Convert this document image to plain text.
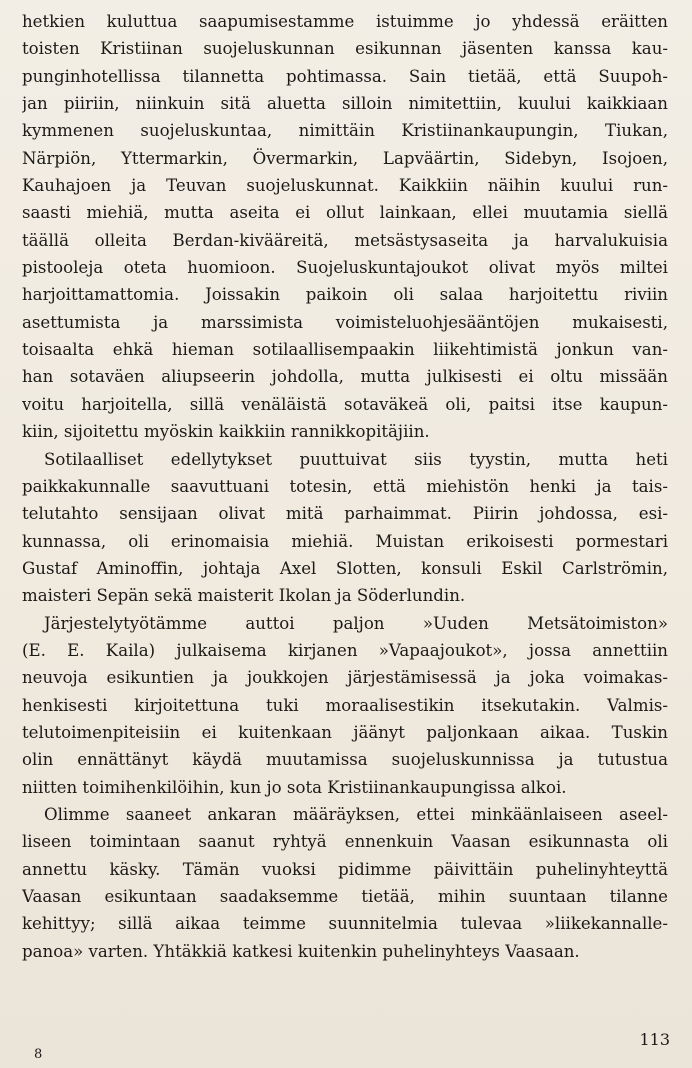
hetkien kuluttua saapumisestamme istuimme jo yhdessä eräitten
toisten Kristiinan suojeluskunnan esikunnan jäsenten kanssa kau-
punginhotellissa tilannetta pohtimassa. Sain tietää, että Suupoh-
jan piiriin, niinkuin sitä aluetta silloin nimitettiin, kuului kaikkiaan
kymmenen suojeluskuntaa, nimittäin Kristiinankaupungin, Tiukan,
Närpiön, Yttermarkin, Övermarkin, Lapväärtin, Sidebyn, Isojoen,
Kauhajoen ja Teuvan suojeluskunnat. Kaikkiin näihin kuului run-
saasti miehiä, mutta aseita ei ollut lainkaan, ellei muutamia siellä
täällä olleita Berdan-kivääreitä, metsästysaseita ja harvalukuisia
pistooleja oteta huomioon. Suojeluskuntajoukot olivat myös miltei
harjoittamattomia. Joissakin paikoin oli salaa harjoitettu riviin
asettumista ja marssimista voimisteluohjesääntöjen mukaisesti,
toisaalta ehkä hieman sotilaallisempaakin liikehtimistä jonkun van-
han sotaväen aliupseerin johdolla, mutta julkisesti ei oltu missään
voitu harjoitella, sillä venäläistä sotaväkeä oli, paitsi itse kaupun-
kiin, sijoitettu myöskin kaikkiin rannikkopitäjiin.
Sotilaalliset edellytykset puuttuivat siis tyystin, mutta heti
paikkakunnalle saavuttuani totesin, että miehistön henki ja tais-
telutahto sensijaan olivat mitä parhaimmat. Piirin johdossa, esi-
kunnassa, oli erinomaisia miehiä. Muistan erikoisesti pormestari
Gustaf Aminoffin, johtaja Axel Slotten, konsuli Eskil Carlströmin,
maisteri Sepän sekä maisterit Ikolan ja Söderlundin.
Järjestelytyötämme auttoi paljon »Uuden Metsätoimiston»
(E. E. Kaila) julkaisema kirjanen »Vapaajoukot», jossa annettiin
neuvoja esikuntien ja joukkojen järjestämisessä ja joka voimakas-
henkisesti kirjoitettuna tuki moraalisestikin itsekutakin. Valmis-
telutoimenpiteisiin ei kuitenkaan jäänyt paljonkaan aikaa. Tuskin
olin ennättänyt käydä muutamissa suojeluskunnissa ja tutustua
niitten toimihenkilöihin, kun jo sota Kristiinankaupungissa alkoi.
Olimme saaneet ankaran määräyksen, ettei minkäänlaiseen aseel-
liseen toimintaan saanut ryhtyä ennenkuin Vaasan esikunnasta oli
annettu käsky. Tämän vuoksi pidimme päivittäin puhelinyhteyttä
Vaasan esikuntaan saadaksemme tietää, mihin suuntaan tilanne
kehittyy; sillä aikaa teimme suunnitelmia tulevaa »liikekannalle-
panoa» varten. Yhtäkkiä katkesi kuitenkin puhelinyhteys Vaasaan.
113
8
